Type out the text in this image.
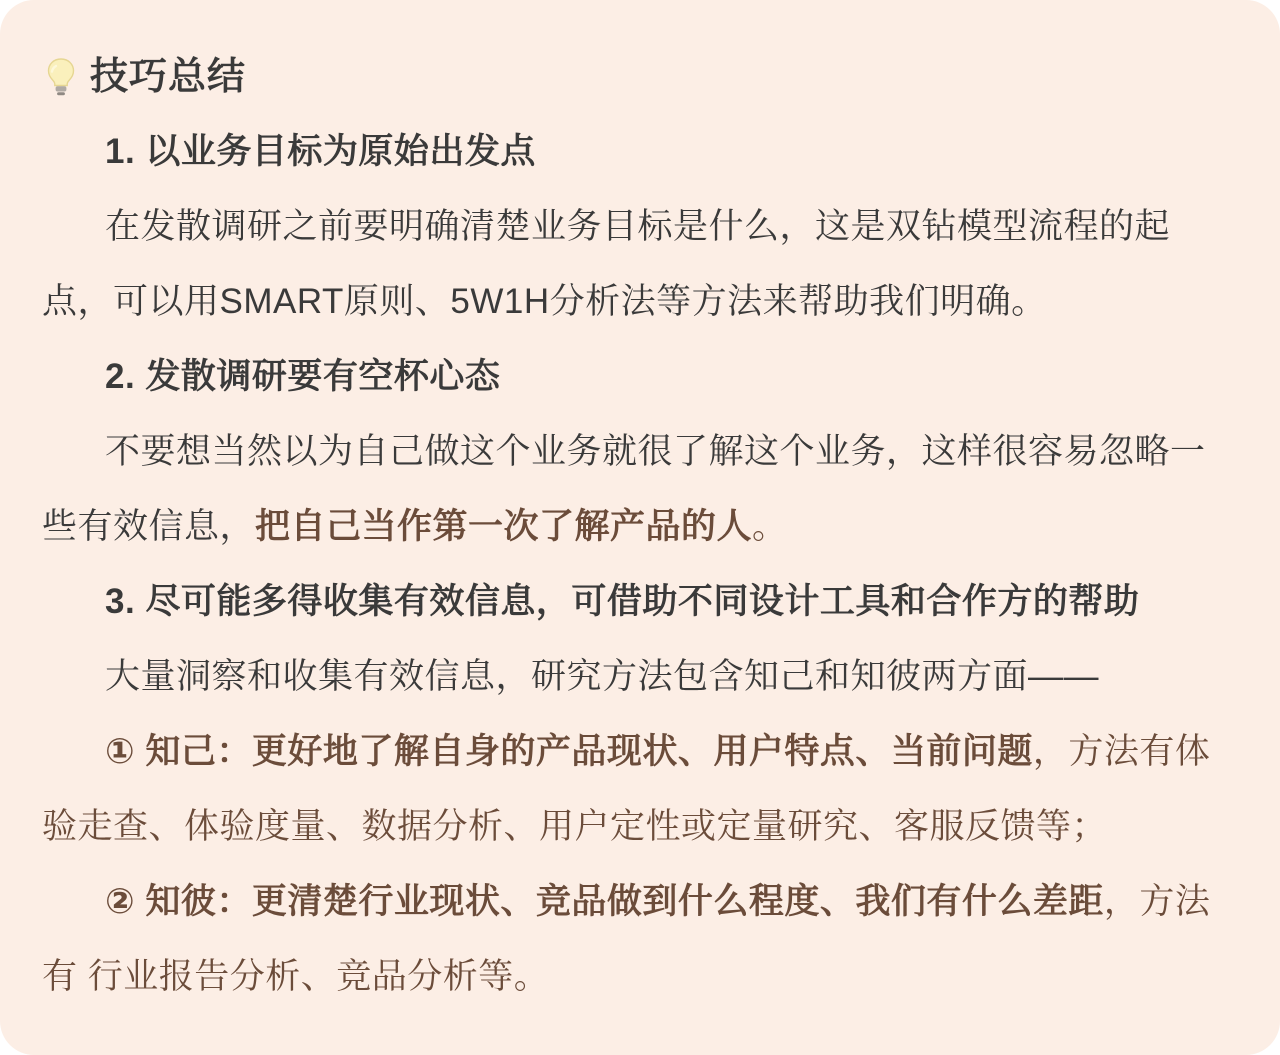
技巧总结

1. 以业务目标为原始出发点

在发散调研之前要明确清楚业务目标是什么，这是双钻模型流程的起点，可以用SMART原则、5W1H分析法等方法来帮助我们明确。

2. 发散调研要有空杯心态

不要想当然以为自己做这个业务就很了解这个业务，这样很容易忽略一些有效信息，把自己当作第一次了解产品的人。

3. 尽可能多得收集有效信息，可借助不同设计工具和合作方的帮助

大量洞察和收集有效信息，研究方法包含知己和知彼两方面——

① 知己：更好地了解自身的产品现状、用户特点、当前问题，方法有体验走查、体验度量、数据分析、用户定性或定量研究、客服反馈等；

② 知彼：更清楚行业现状、竞品做到什么程度、我们有什么差距，方法有 行业报告分析、竞品分析等。
